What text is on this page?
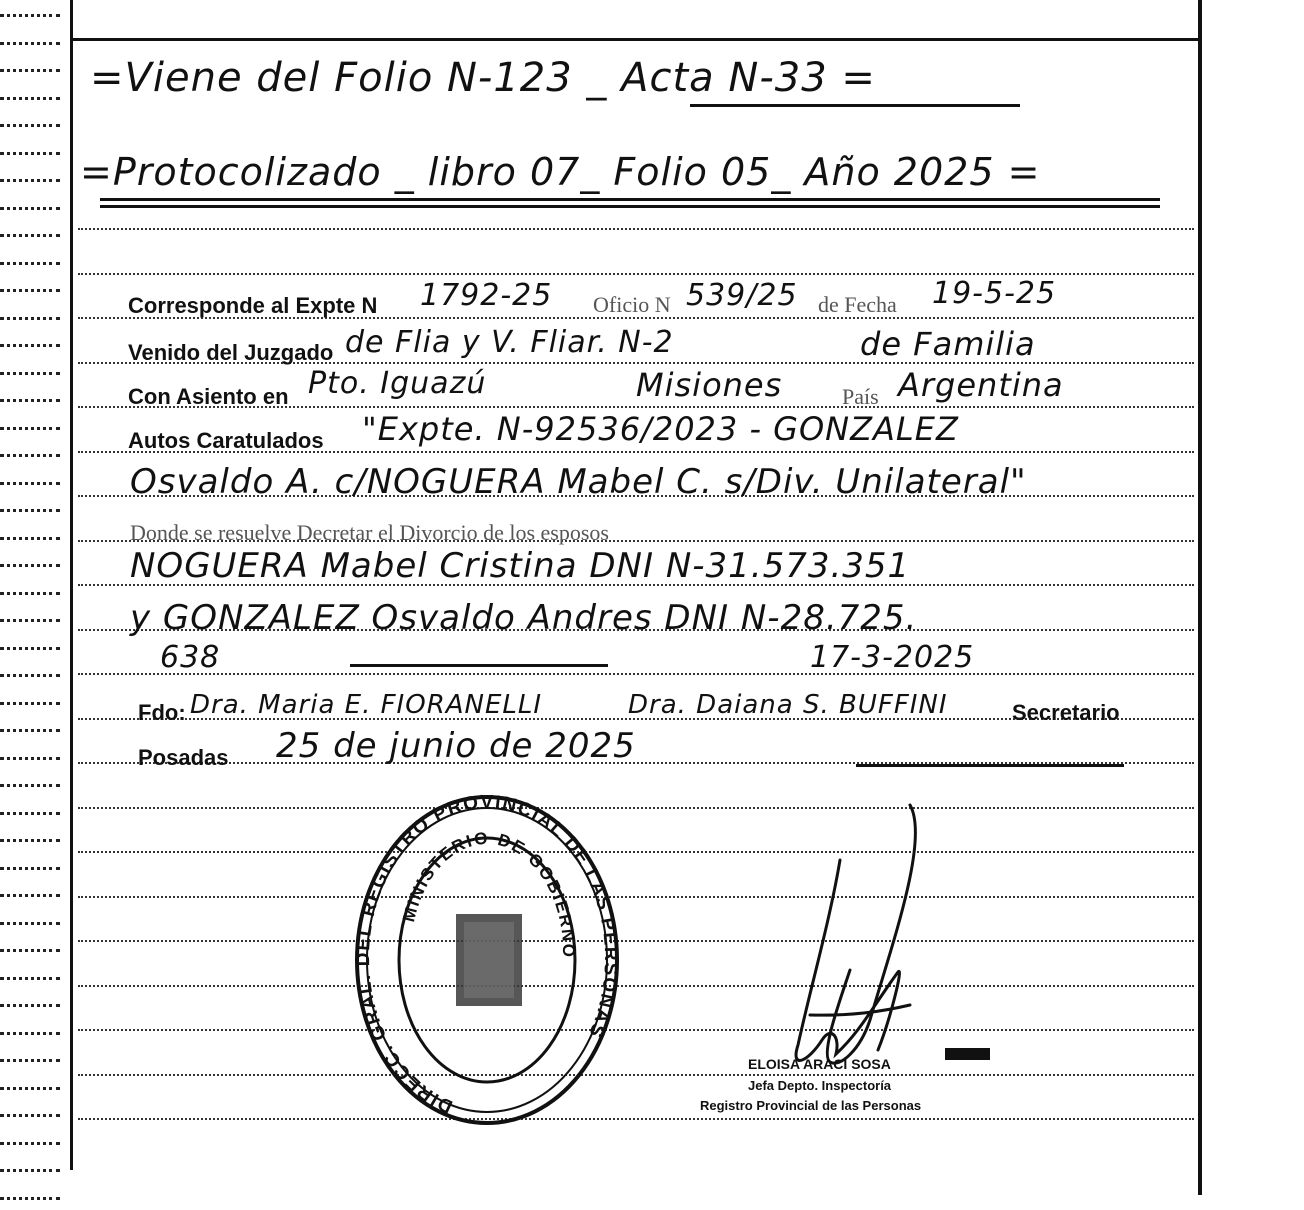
=Viene del Folio N-123 _ Acta N-33 =
=Protocolizado _ libro 07_ Folio 05_ Año 2025 =
Corresponde al Expte N 1792-25 Oficio N 539/25 de Fecha 19-5-25
Venido del Juzgado de Flia y V. Fliar. N-2	de Familia
Con Asiento en Pto. Iguazú	Misiones	País Argentina
Autos Caratulados "Expte. N-92536/2023 - GONZALEZ
Osvaldo A. c/NOGUERA Mabel C. s/Div. Unilateral"
Donde se resuelve Decretar el Divorcio de los esposos
NOGUERA Mabel Cristina DNI N-31.573.351
y GONZALEZ Osvaldo Andres DNI N-28.725.
638	17-3-2025
Fdo: Dra. Maria E. FIORANELLI	Dra. Daiana S. BUFFINI	Secretario
Posadas 25 de junio de 2025
DIRECC. GRAL. DEL REGISTRO PROVINCIAL DE LAS PERSONAS
MINISTERIO DE GOBIERNO
ELOISA ARACI SOSA
Jefa Depto. Inspectoría
Registro Provincial de las Personas
